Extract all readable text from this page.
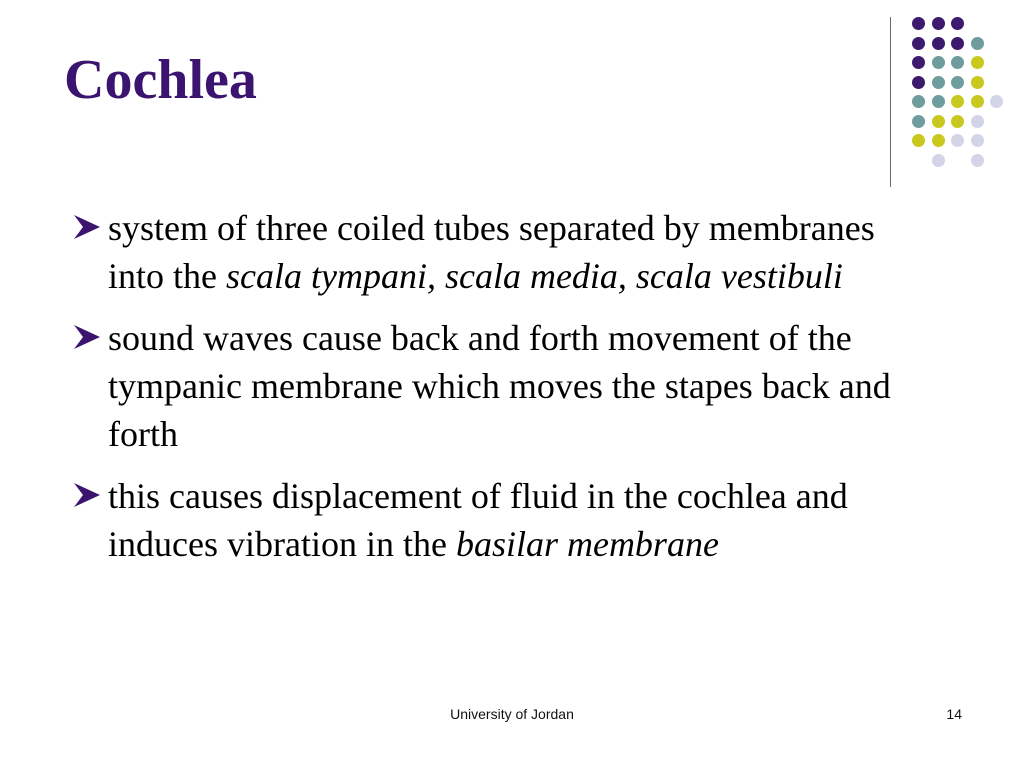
Cochlea
system of three coiled tubes separated by membranes into the scala tympani, scala media, scala vestibuli
sound waves cause back and forth movement of the tympanic membrane which moves the stapes back and forth
this causes displacement of fluid in the cochlea and induces vibration in the basilar membrane
University of Jordan	14
